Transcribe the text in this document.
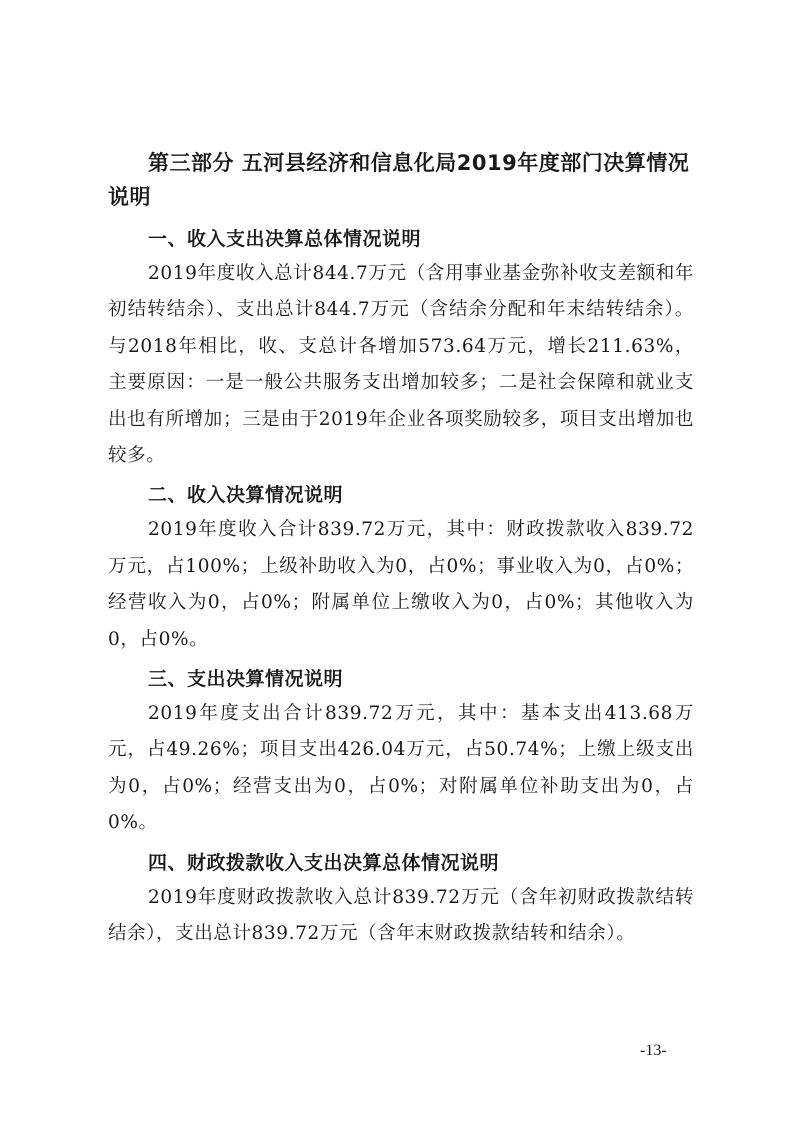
第三部分 五河县经济和信息化局2019年度部门决算情况说明
一、收入支出决算总体情况说明

2019年度收入总计844.7万元（含用事业基金弥补收支差额和年初结转结余）、支出总计844.7万元（含结余分配和年末结转结余）。与2018年相比，收、支总计各增加573.64万元，增长211.63%，主要原因：一是一般公共服务支出增加较多；二是社会保障和就业支出也有所增加；三是由于2019年企业各项奖励较多，项目支出增加也较多。

二、收入决算情况说明

2019年度收入合计839.72万元，其中：财政拨款收入839.72万元，占100%；上级补助收入为0，占0%；事业收入为0，占0%；经营收入为0，占0%；附属单位上缴收入为0，占0%；其他收入为0，占0%。

三、支出决算情况说明

2019年度支出合计839.72万元，其中：基本支出413.68万元，占49.26%；项目支出426.04万元，占50.74%；上缴上级支出为0，占0%；经营支出为0，占0%；对附属单位补助支出为0，占0%。

四、财政拨款收入支出决算总体情况说明

2019年度财政拨款收入总计839.72万元（含年初财政拨款结转结余），支出总计839.72万元（含年末财政拨款结转和结余）。

-13-
